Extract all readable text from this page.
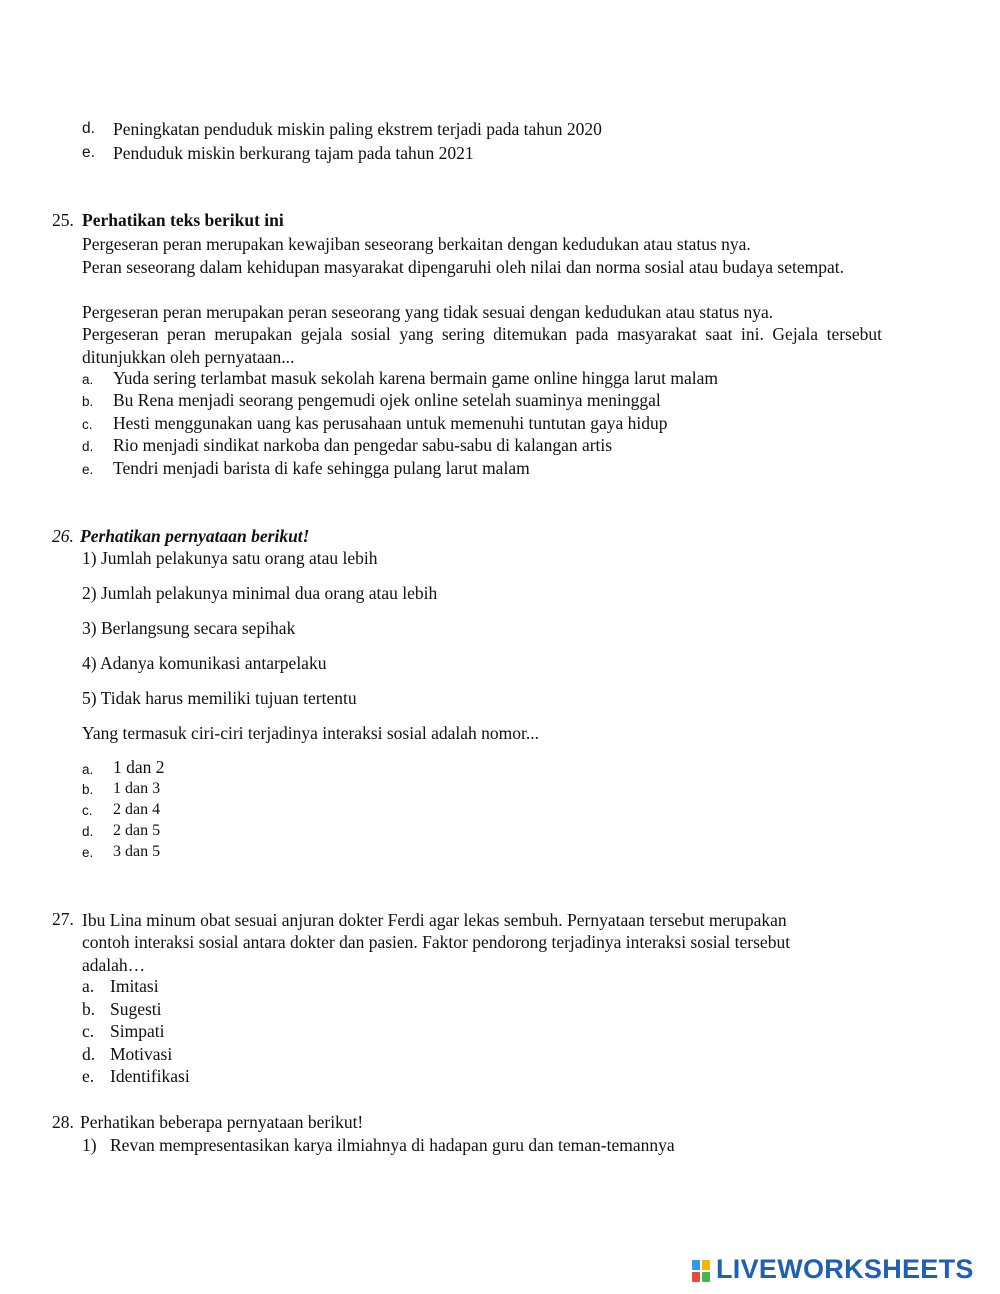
d. Peningkatan penduduk miskin paling ekstrem terjadi pada tahun 2020
e. Penduduk miskin berkurang tajam pada tahun 2021
25. Perhatikan teks berikut ini
Pergeseran peran merupakan kewajiban seseorang berkaitan dengan kedudukan atau status nya.
Peran seseorang dalam kehidupan masyarakat dipengaruhi oleh nilai dan norma sosial atau budaya setempat.
Pergeseran peran merupakan peran seseorang yang tidak sesuai dengan kedudukan atau status nya.
Pergeseran peran merupakan gejala sosial yang sering ditemukan pada masyarakat saat ini. Gejala tersebut ditunjukkan oleh pernyataan...
a. Yuda sering terlambat masuk sekolah karena bermain game online hingga larut malam
b. Bu Rena menjadi seorang pengemudi ojek online setelah suaminya meninggal
c. Hesti menggunakan uang kas perusahaan untuk memenuhi tuntutan gaya hidup
d. Rio menjadi sindikat narkoba dan pengedar sabu-sabu di kalangan artis
e. Tendri menjadi barista di kafe sehingga pulang larut malam
26. Perhatikan pernyataan berikut!
1) Jumlah pelakunya satu orang atau lebih
2) Jumlah pelakunya minimal dua orang atau lebih
3) Berlangsung secara sepihak
4) Adanya komunikasi antarpelaku
5) Tidak harus memiliki tujuan tertentu
Yang termasuk ciri-ciri terjadinya interaksi sosial adalah nomor...
a. 1 dan 2
b. 1 dan 3
c. 2 dan 4
d. 2 dan 5
e. 3 dan 5
27. Ibu Lina minum obat sesuai anjuran dokter Ferdi agar lekas sembuh. Pernyataan tersebut merupakan
contoh interaksi sosial antara dokter dan pasien. Faktor pendorong terjadinya interaksi sosial tersebut
adalah…
a. Imitasi
b. Sugesti
c. Simpati
d. Motivasi
e. Identifikasi
28. Perhatikan beberapa pernyataan berikut!
1) Revan mempresentasikan karya ilmiahnya di hadapan guru dan teman-temannya
LIVEWORKSHEETS
